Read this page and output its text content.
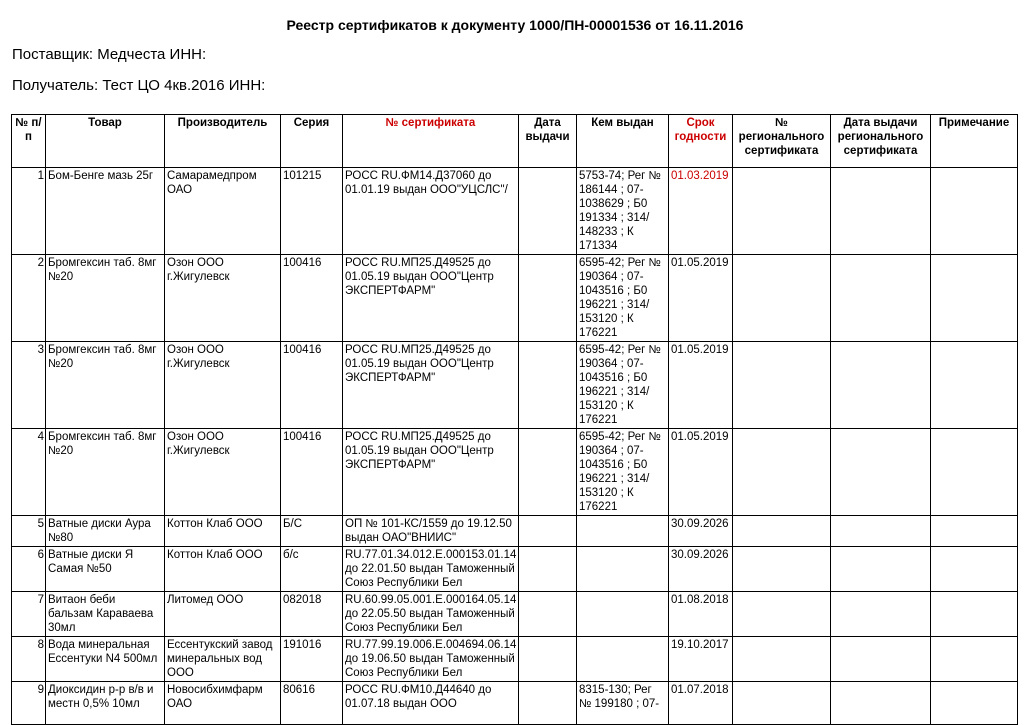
Реестр сертификатов к документу 1000/ПН-00001536 от 16.11.2016
Поставщик: Медчеста ИНН:
Получатель: Тест ЦО 4кв.2016 ИНН:
№ п/п	Товар	Производитель	Серия	№ сертификата	Дата выдачи	Кем выдан	Срок годности	№ регионального сертификата	Дата выдачи регионального сертификата	Примечание
1	Бом-Бенге мазь 25г	Самарамедпром ОАО	101215	РОСС RU.ФМ14.Д37060 до 01.01.19 выдан ООО"УЦСЛС"/		5753-74; Рег № 186144 ; 07-1038629 ; Б0 191334 ; 314/ 148233 ; К 171334	01.03.2019			
2	Бромгексин таб. 8мг №20	Озон ООО г.Жигулевск	100416	РОСС RU.МП25.Д49525 до 01.05.19 выдан ООО"Центр ЭКСПЕРТФАРМ"		6595-42; Рег № 190364 ; 07-1043516 ; Б0 196221 ; 314/ 153120 ; К 176221	01.05.2019			
3	Бромгексин таб. 8мг №20	Озон ООО г.Жигулевск	100416	РОСС RU.МП25.Д49525 до 01.05.19 выдан ООО"Центр ЭКСПЕРТФАРМ"		6595-42; Рег № 190364 ; 07-1043516 ; Б0 196221 ; 314/ 153120 ; К 176221	01.05.2019			
4	Бромгексин таб. 8мг №20	Озон ООО г.Жигулевск	100416	РОСС RU.МП25.Д49525 до 01.05.19 выдан ООО"Центр ЭКСПЕРТФАРМ"		6595-42; Рег № 190364 ; 07-1043516 ; Б0 196221 ; 314/ 153120 ; К 176221	01.05.2019			
5	Ватные диски Аура №80	Коттон Клаб ООО	Б/С	ОП № 101-КС/1559 до 19.12.50 выдан ОАО"ВНИИС"			30.09.2026			
6	Ватные диски Я Самая №50	Коттон Клаб ООО	б/с	RU.77.01.34.012.Е.000153.01.14 до 22.01.50 выдан Таможенный Союз Республики Бел			30.09.2026			
7	Витаон беби бальзам Караваева 30мл	Литомед ООО	082018	RU.60.99.05.001.Е.000164.05.14 до 22.05.50 выдан Таможенный Союз Республики Бел			01.08.2018			
8	Вода минеральная Ессентуки N4 500мл	Ессентукский завод минеральных вод ООО	191016	RU.77.99.19.006.Е.004694.06.14 до 19.06.50 выдан Таможенный Союз Республики Бел			19.10.2017			
9	Диоксидин р-р в/в и местн 0,5% 10мл	Новосибхимфарм ОАО	80616	РОСС RU.ФМ10.Д44640 до 01.07.18 выдан ООО		8315-130; Рег № 199180 ; 07-	01.07.2018			
